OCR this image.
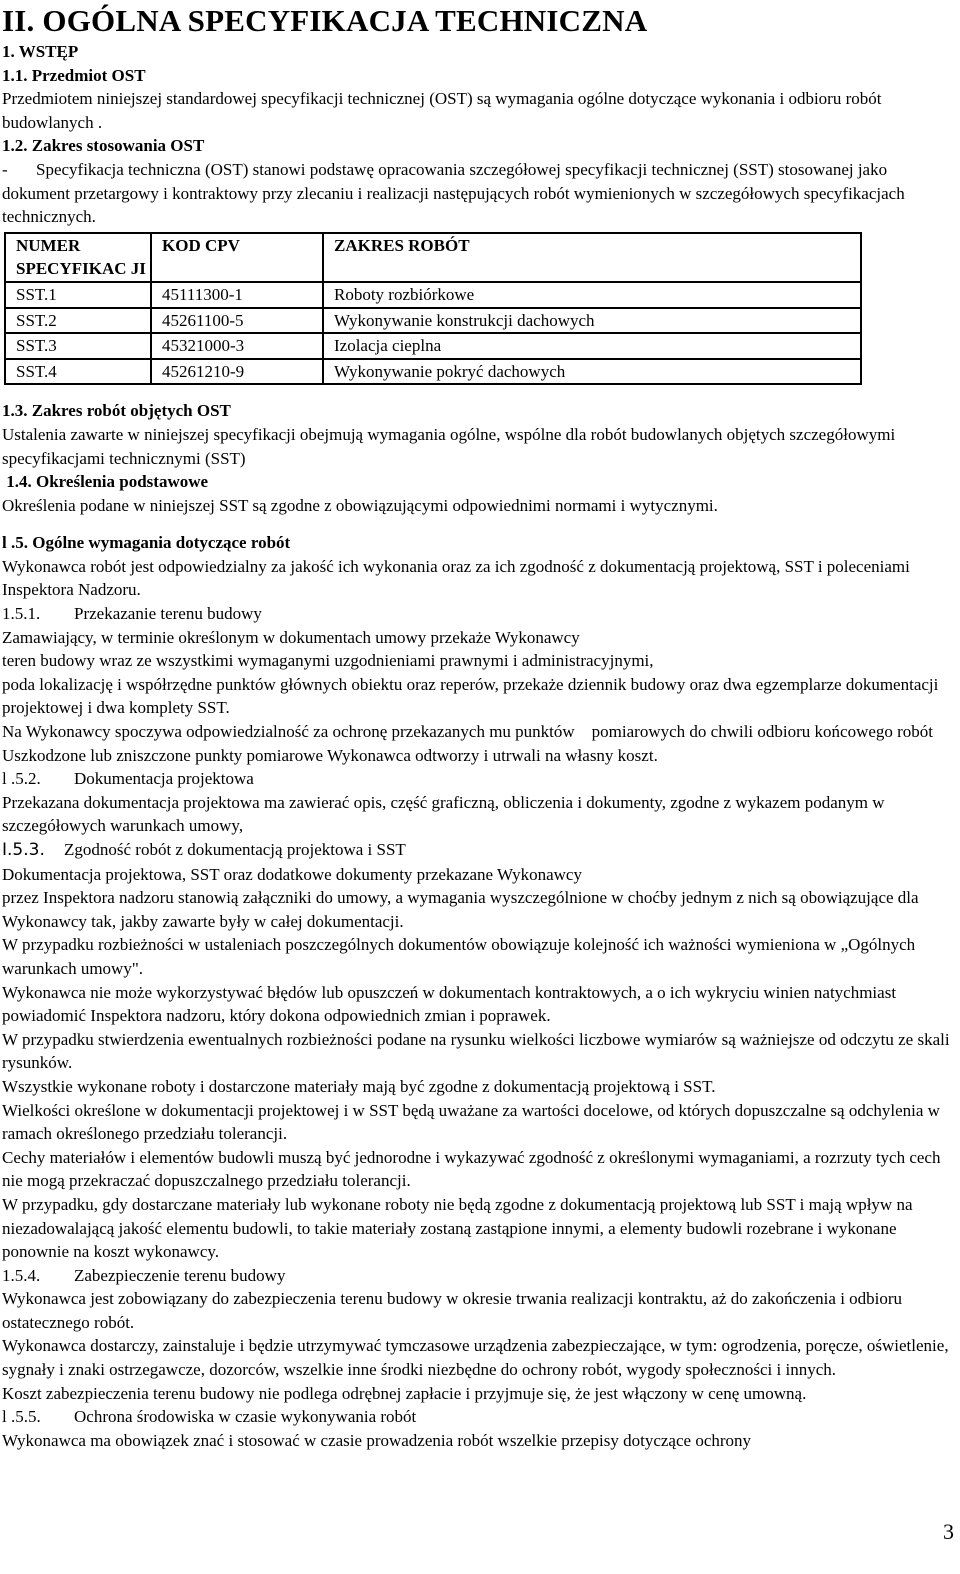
II. OGÓLNA SPECYFIKACJA TECHNICZNA

1. WSTĘP

1.1. Przedmiot OST

Przedmiotem niniejszej standardowej specyfikacji technicznej (OST) są wymagania ogólne dotyczące wykonania i odbioru robót budowlanych .

1.2. Zakres stosowania OST

- Specyfikacja techniczna (OST) stanowi podstawę opracowania szczegółowej specyfikacji technicznej (SST) stosowanej jako dokument przetargowy i kontraktowy przy zlecaniu i realizacji następujących robót wymienionych w szczegółowych specyfikacjach technicznych.

NUMER SPECYFIKAC JI	KOD CPV	ZAKRES ROBÓT
SST.1	45111300-1	Roboty rozbiórkowe
SST.2	45261100-5	Wykonywanie konstrukcji dachowych
SST.3	45321000-3	Izolacja cieplna
SST.4	45261210-9	Wykonywanie pokryć dachowych

1.3. Zakres robót objętych OST

Ustalenia zawarte w niniejszej specyfikacji obejmują wymagania ogólne, wspólne dla robót budowlanych objętych szczegółowymi specyfikacjami technicznymi (SST)

1.4. Określenia podstawowe

Określenia podane w niniejszej SST są zgodne z obowiązującymi odpowiednimi normami i wytycznymi.

l .5. Ogólne wymagania dotyczące robót

Wykonawca robót jest odpowiedzialny za jakość ich wykonania oraz za ich zgodność z dokumentacją projektową, SST i poleceniami Inspektora Nadzoru.

1.5.1. Przekazanie terenu budowy

Zamawiający, w terminie określonym w dokumentach umowy przekaże Wykonawcy

teren budowy wraz ze wszystkimi wymaganymi uzgodnieniami prawnymi i administracyjnymi,

poda lokalizację i współrzędne punktów głównych obiektu oraz reperów, przekaże dziennik budowy oraz dwa egzemplarze dokumentacji projektowej i dwa komplety SST.

Na Wykonawcy spoczywa odpowiedzialność za ochronę przekazanych mu punktów    pomiarowych do chwili odbioru końcowego robót Uszkodzone lub zniszczone punkty pomiarowe Wykonawca odtworzy i utrwali na własny koszt.

l .5.2. Dokumentacja projektowa

Przekazana dokumentacja projektowa ma zawierać opis, część graficzną, obliczenia i dokumenty, zgodne z wykazem podanym w szczegółowych warunkach umowy,

I.5.3. Zgodność robót z dokumentacją projektowa i SST

Dokumentacja projektowa, SST oraz dodatkowe dokumenty przekazane Wykonawcy

przez Inspektora nadzoru stanowią załączniki do umowy, a wymagania wyszczególnione w choćby jednym z nich są obowiązujące dla Wykonawcy tak, jakby zawarte były w całej dokumentacji.

W przypadku rozbieżności w ustaleniach poszczególnych dokumentów obowiązuje kolejność ich ważności wymieniona w „Ogólnych warunkach umowy".

Wykonawca nie może wykorzystywać błędów lub opuszczeń w dokumentach kontraktowych, a o ich wykryciu winien natychmiast powiadomić Inspektora nadzoru, który dokona odpowiednich zmian i poprawek.

W przypadku stwierdzenia ewentualnych rozbieżności podane na rysunku wielkości liczbowe wymiarów są ważniejsze od odczytu ze skali rysunków.

Wszystkie wykonane roboty i dostarczone materiały mają być zgodne z dokumentacją projektową i SST.

Wielkości określone w dokumentacji projektowej i w SST będą uważane za wartości docelowe, od których dopuszczalne są odchylenia w ramach określonego przedziału tolerancji.

Cechy materiałów i elementów budowli muszą być jednorodne i wykazywać zgodność z określonymi wymaganiami, a rozrzuty tych cech nie mogą przekraczać dopuszczalnego przedziału tolerancji.

W przypadku, gdy dostarczane materiały lub wykonane roboty nie będą zgodne z dokumentacją projektową lub SST i mają wpływ na niezadowalającą jakość elementu budowli, to takie materiały zostaną zastąpione innymi, a elementy budowli rozebrane i wykonane ponownie na koszt wykonawcy.

1.5.4. Zabezpieczenie terenu budowy

Wykonawca jest zobowiązany do zabezpieczenia terenu budowy w okresie trwania realizacji kontraktu, aż do zakończenia i odbioru ostatecznego robót.

Wykonawca dostarczy, zainstaluje i będzie utrzymywać tymczasowe urządzenia zabezpieczające, w tym: ogrodzenia, poręcze, oświetlenie, sygnały i znaki ostrzegawcze, dozorców, wszelkie inne środki niezbędne do ochrony robót, wygody społeczności i innych.

Koszt zabezpieczenia terenu budowy nie podlega odrębnej zapłacie i przyjmuje się, że jest włączony w cenę umowną.

l .5.5. Ochrona środowiska w czasie wykonywania robót

Wykonawca ma obowiązek znać i stosować w czasie prowadzenia robót wszelkie przepisy dotyczące ochrony

3
